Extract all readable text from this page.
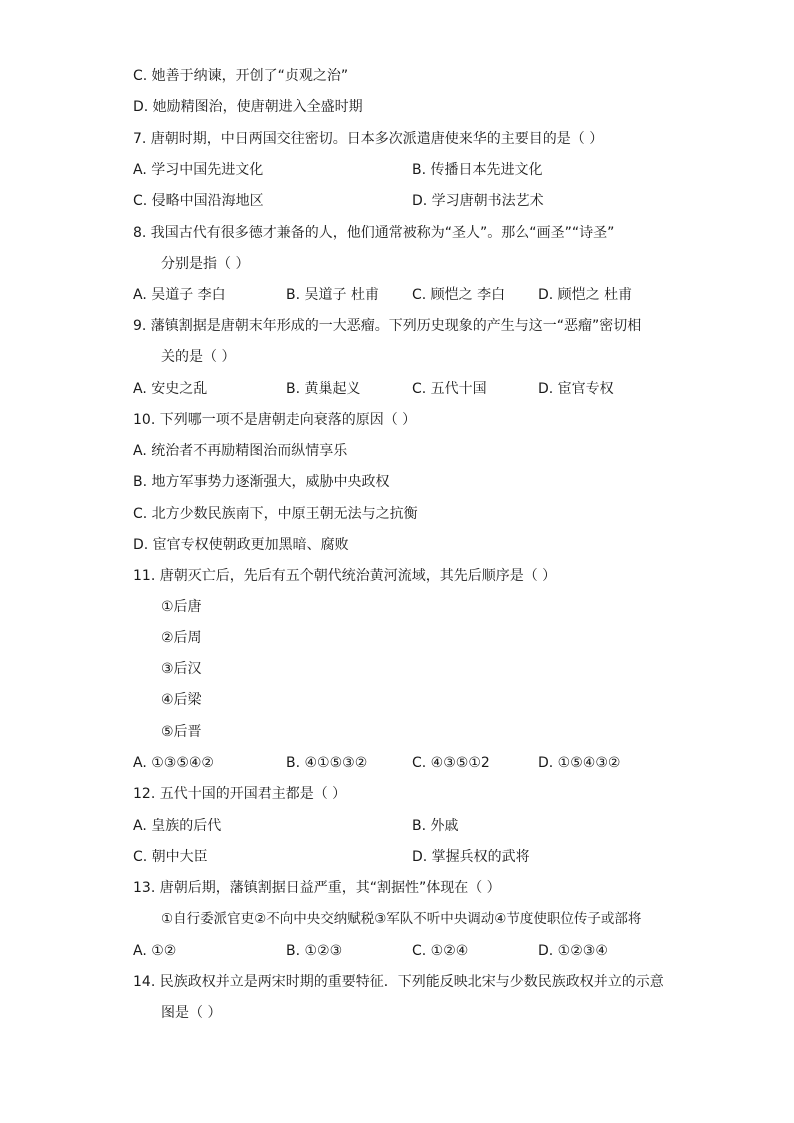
C. 她善于纳谏，开创了“贞观之治”
D. 她励精图治，使唐朝进入全盛时期
7. 唐朝时期，中日两国交往密切。日本多次派遣唐使来华的主要目的是（ ）
A. 学习中国先进文化	B. 传播日本先进文化
C. 侵略中国沿海地区	D. 学习唐朝书法艺术
8. 我国古代有很多德才兼备的人，他们通常被称为“圣人”。那么“画圣”“诗圣”
分别是指（ ）
A. 吴道子 李白	B. 吴道子 杜甫 C. 顾恺之 李白 D. 顾恺之 杜甫
9. 藩镇割据是唐朝末年形成的一大恶瘤。下列历史现象的产生与这一“恶瘤”密切相
关的是（ ）
A. 安史之乱	B. 黄巢起义	C. 五代十国	D. 宦官专权
10. 下列哪一项不是唐朝走向衰落的原因（ ）
A. 统治者不再励精图治而纵情享乐
B. 地方军事势力逐渐强大，威胁中央政权
C. 北方少数民族南下，中原王朝无法与之抗衡
D. 宦官专权使朝政更加黑暗、腐败
11. 唐朝灭亡后，先后有五个朝代统治黄河流域，其先后顺序是（ ）
①后唐
②后周
③后汉
④后梁
⑤后晋
A. ①③⑤④②	B. ④①⑤③②	C. ④③⑤①2	D. ①⑤④③②
12. 五代十国的开国君主都是（ ）
A. 皇族的后代	B. 外戚
C. 朝中大臣	D. 掌握兵权的武将
13. 唐朝后期，藩镇割据日益严重，其“割据性”体现在（ ）
①自行委派官吏②不向中央交纳赋税③军队不听中央调动④节度使职位传子或部将
A. ①②	B. ①②③	C. ①②④	D. ①②③④
14. 民族政权并立是两宋时期的重要特征．下列能反映北宋与少数民族政权并立的示意
图是（ ）
